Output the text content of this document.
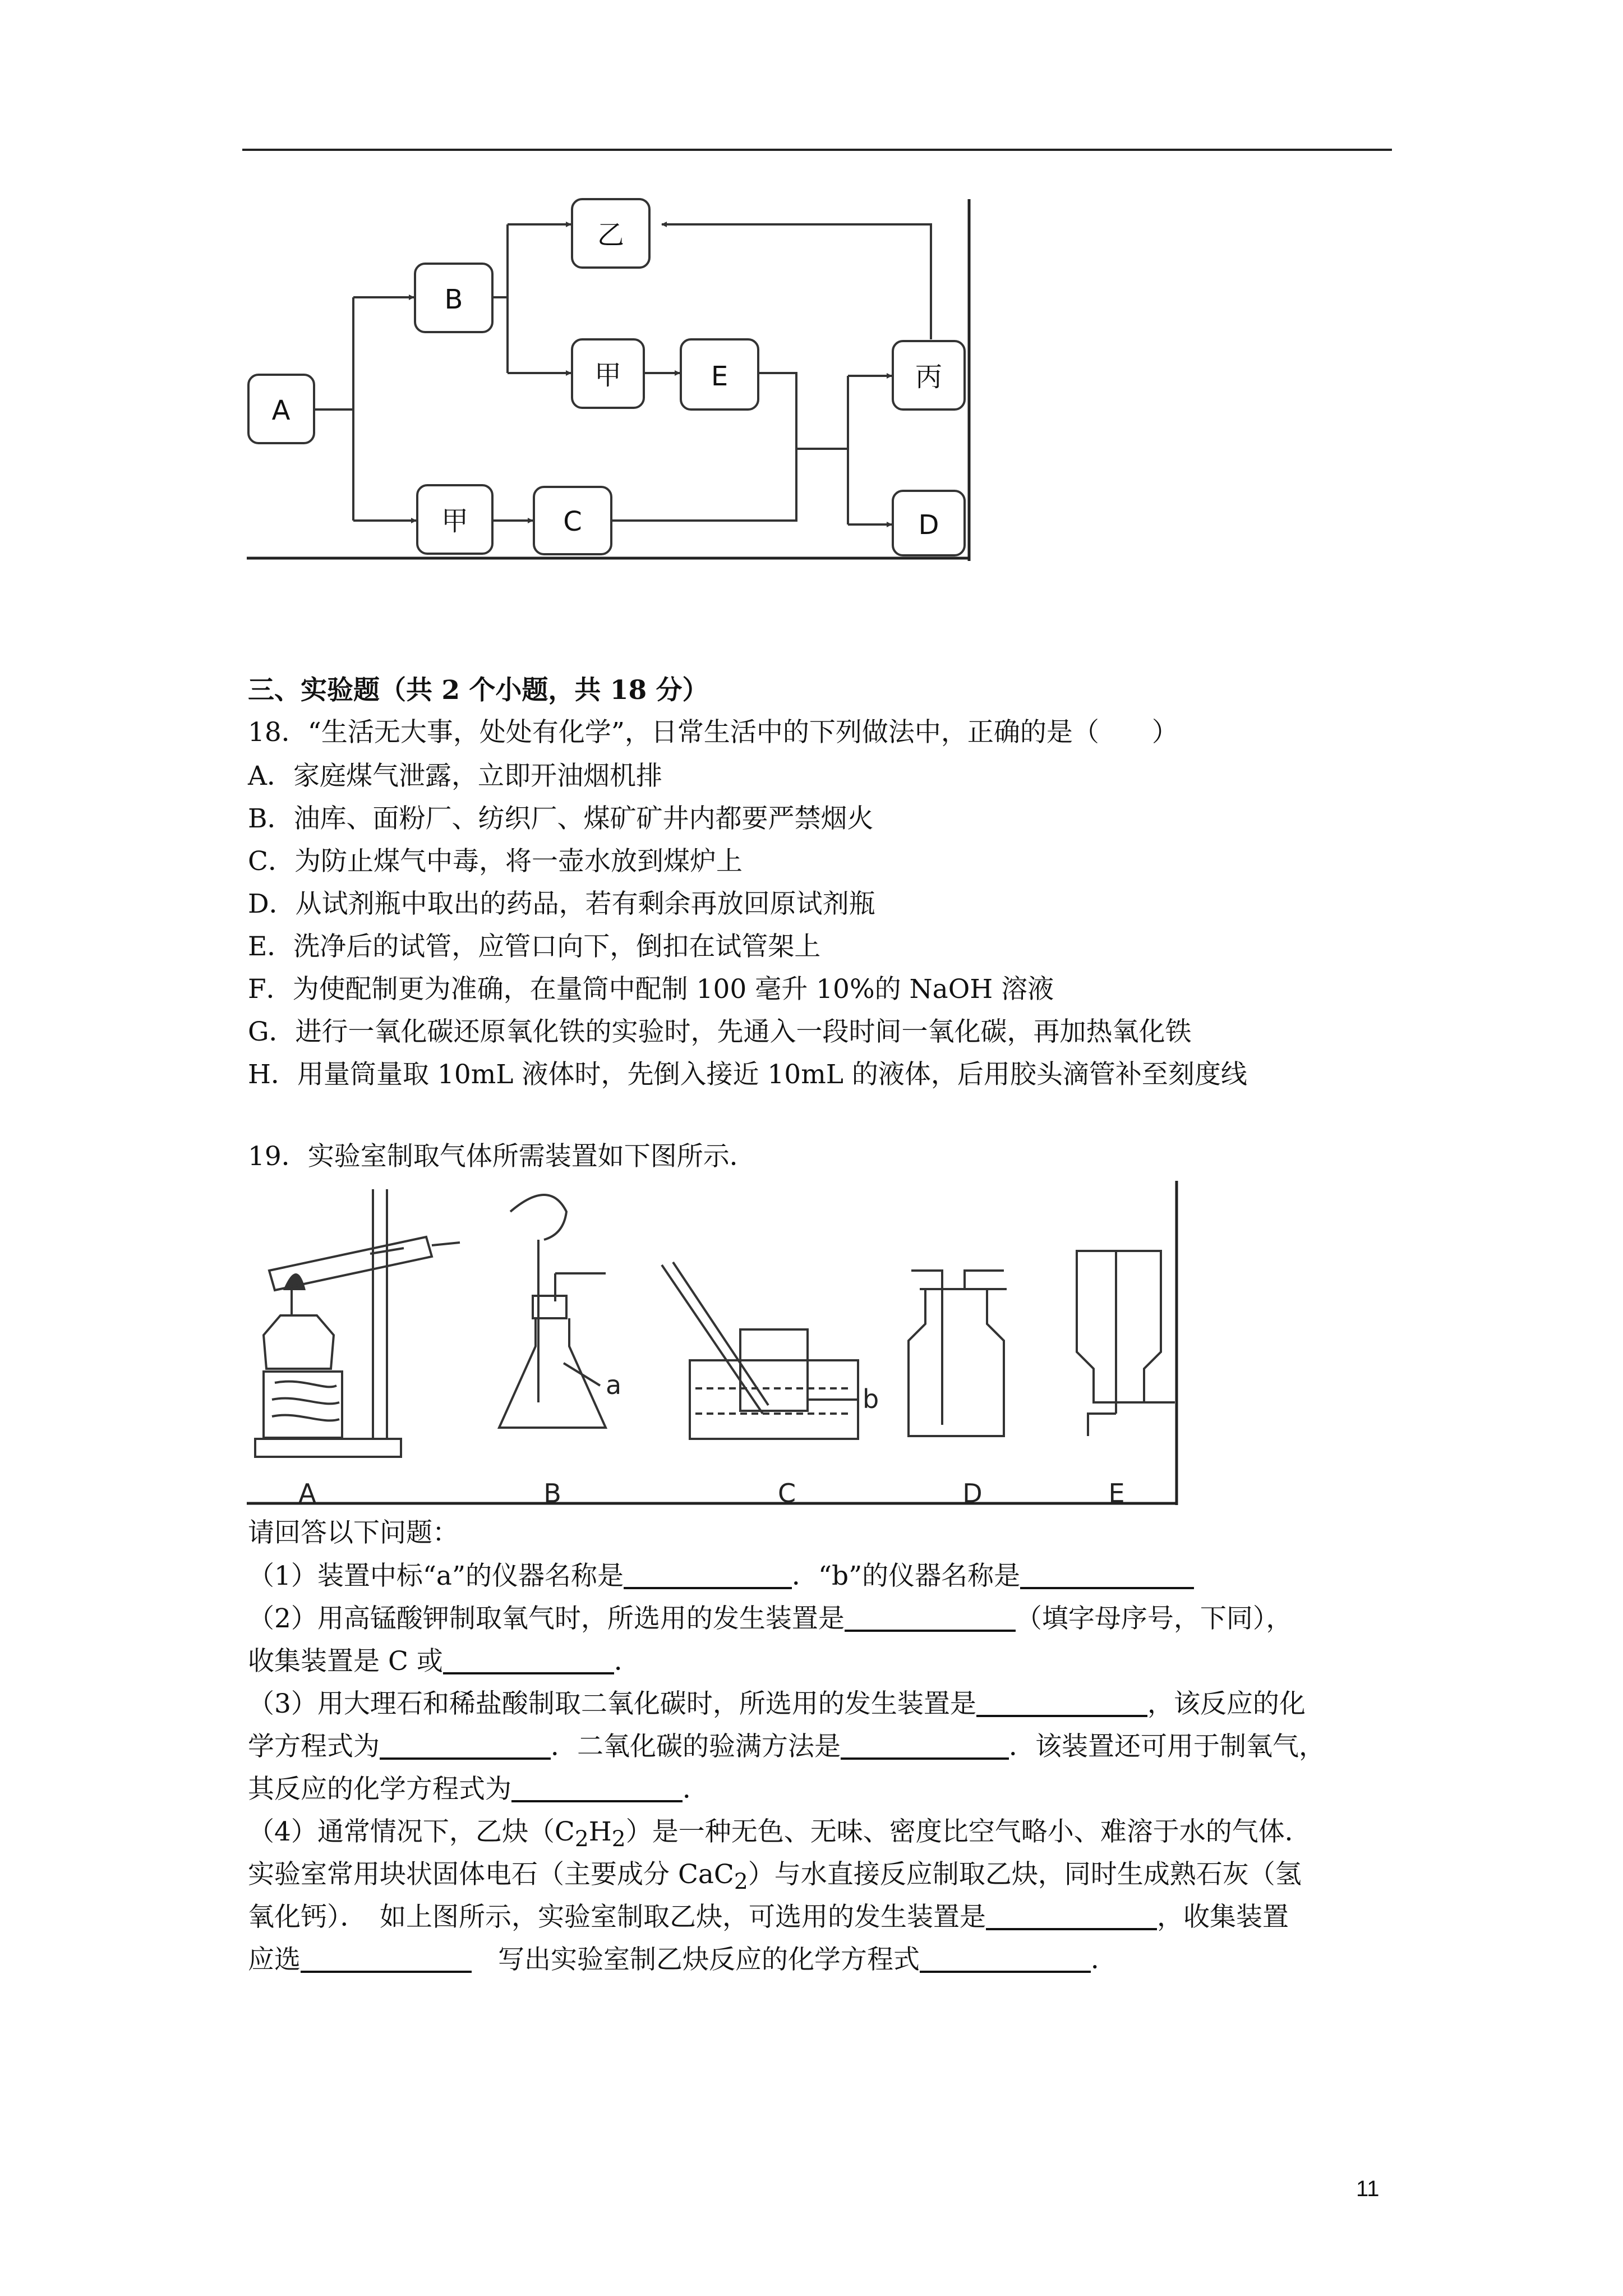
A
B
乙
甲	E
甲	C
丙
D
三、实验题（共 2 个小题，共 18 分）
18．“生活无大事，处处有化学”，日常生活中的下列做法中，正确的是（　　）
A．家庭煤气泄露，立即开油烟机排
B．油库、面粉厂、纺织厂、煤矿矿井内都要严禁烟火
C．为防止煤气中毒，将一壶水放到煤炉上
D．从试剂瓶中取出的药品，若有剩余再放回原试剂瓶
E．洗净后的试管，应管口向下，倒扣在试管架上
F．为使配制更为准确，在量筒中配制 100 毫升 10%的 NaOH 溶液
G．进行一氧化碳还原氧化铁的实验时，先通入一段时间一氧化碳，再加热氧化铁
H．用量筒量取 10mL 液体时，先倒入接近 10mL 的液体，后用胶头滴管补至刻度线
19．实验室制取气体所需装置如下图所示．
a	b
A	B	C	D	E
请回答以下问题：
（1）装置中标“a”的仪器名称是	．“b”的仪器名称是
（2）用高锰酸钾制取氧气时，所选用的发生装置是	（填字母序号，下同），
收集装置是 C 或	．
（3）用大理石和稀盐酸制取二氧化碳时，所选用的发生装置是	，该反应的化
学方程式为	．二氧化碳的验满方法是	．该装置还可用于制氧气，
其反应的化学方程式为	．
（4）通常情况下，乙炔$(C_2H_2)$是一种无色、无味、密度比空气略小、难溶于水的气体．
实验室常用块状固体电石（主要成分 CaC$_2$）与水直接反应制取乙炔，同时生成熟石灰（氢
氧化钙）．　如上图所示，实验室制取乙炔，可选用的发生装置是	，收集装置
应选	　写出实验室制乙炔反应的化学方程式	．
11
